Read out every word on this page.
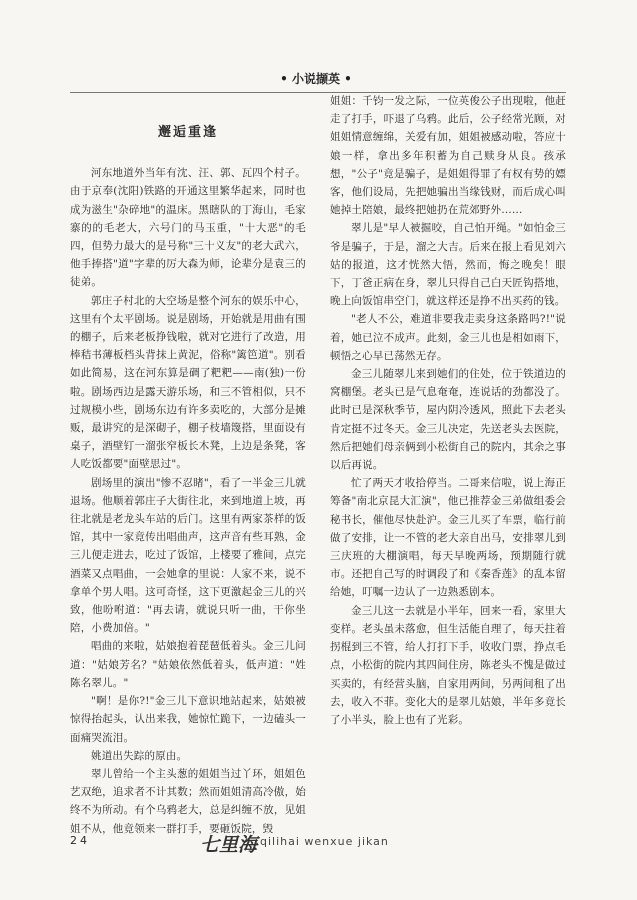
• 小说撷英 •
邂逅重逢

河东地道外当年有沈、汪、郭、瓦四个村子。由于京奉(沈阳)铁路的开通这里繁华起来，同时也成为滋生"杂碎地"的温床。黑瞎队的丁海山，毛家寨的的毛老大，六号门的马玉重，"十大恶"的毛四，但势力最大的是号称"三十义友"的老大武六，他手捧搭"道"字辈的厉大森为师，论辈分是袁三的徒弟。

郭庄子村北的大空场是整个河东的娱乐中心，这里有个太平剧场。说是剧场，开始就是用曲有围的棚子，后来老板挣钱啦，就对它进行了改造，用棒秸书薄板档头背抹上黄泥，俗称"篱笆道"。别看如此简易，这在河东算是碉了粑粑——南(独)一份啦。剧场西边是露天游乐场，和三不管相似，只不过规模小些，剧场东边有许多卖吃的，大部分是摊贩，最讲究的是深砌子，棚子枝墙篾搭，里面设有桌子，酒壁钉一溜张窄板长木凳，上边是条凳，客人吃饭都要"面壁思过"。

剧场里的演出"惨不忍睹"，看了一半金三儿就退场。他顺着郭庄子大街往北，来到地道上坡，再往北就是老龙头车站的后门。这里有两家茶样的饭馆，其中一家竟传出唱曲声，这声音有些耳熟，金三儿便走进去，吃过了饭馆，上楼要了雅间，点完酒菜又点唱曲，一会她拿的里说：人家不来，说不拿单个男人唱。这可奇怪，这下更激起金三儿的兴致，他吩咐道："再去请，就说只听一曲，干你坐陪，小费加倍。"

唱曲的来啦，姑娘抱着琵琶低着头。金三儿问道："姑娘芳名？"姑娘依然低着头，低声道："姓陈名翠儿。"

"啊！是你?!"金三儿下意识地站起来，姑娘被惊得抬起头，认出来我，她惊忙跪下，一边磕头一面痛哭流泪。

姚道出失踪的原由。

翠儿曾给一个主头葱的姐姐当过丫环，姐姐色艺双绝，追求者不计其数；然而姐姐清高冷傲，始终不为所动。有个乌鸦老大，总是纠缠不放，见姐姐不从，他竟领来一群打手，要砸饭院，毁

姐姐：千钧一发之际，一位英俊公子出现啦，他赶走了打手，吓退了乌鸦。此后，公子经常光顾，对姐姐情意缠绵，关爱有加，姐姐被感动啦，答应十娘一样，拿出多年积蓄为自己赎身从良。孩承想，"公子"竟是骗子，是姐姐得罪了有权有势的嫖客，他们设局，先把她骗出当缘钱财，而后成心叫她掉土陪娘，最终把她扔在荒郊野外……

翠儿是"早人被掘咬，自己怕开绳。"如怕金三爷是骗子，于是，溜之大吉。后来在报上看见刘六姑的报道，这才恍然大悟，然而，悔之晚矣！眼下，丁爸正病在身，翠儿只得自己白天匠钩搭地，晚上向饭馆串空门，就这样还是挣不出买药的钱。

"老人不公，难道非要我走卖身这条路吗?!"说着，她已泣不成声。此刻，金三儿也是相如雨下，顿悟之心早已荡然无存。

金三儿随翠儿来到她们的住处，位于铁道边的窝棚堡。老头已是气息奄奄，连说话的劲都没了。此时已是深秋季节，屋内阴冷透风，照此下去老头肯定挺不过冬天。金三儿决定，先送老头去医院，然后把她们母亲俩到小松街自己的院内，其余之事以后再说。

忙了两天才收拾停当。二哥来信啦，说上海正筹备"南北京昆大汇演"，他已推荐金三弟做组委会秘书长，催他尽快赴沪。金三儿买了车票，临行前做了安排，让一不管的老大亲自出马，安排翠儿到三庆班的大棚演唱，每天早晚两场，预期随行就市。还把自己写的时调段了和《秦香莲》的乱本留给她，叮嘱一边认了一边熟悉剧本。

金三儿这一去就是小半年，回来一看，家里大变样。老头虽未落愈，但生活能自理了，每天拄着拐棍到三不管，给人打打下手，收收门票，挣点毛点，小松街的院内其四间住房，陈老头不愧是做过买卖的，有经营头脑，自家用两间，另两间租了出去，收入不菲。变化大的是翠儿姑娘，半年多竟长了小半头，脸上也有了光彩。

24	七里海 qilihai wenxue jikan
